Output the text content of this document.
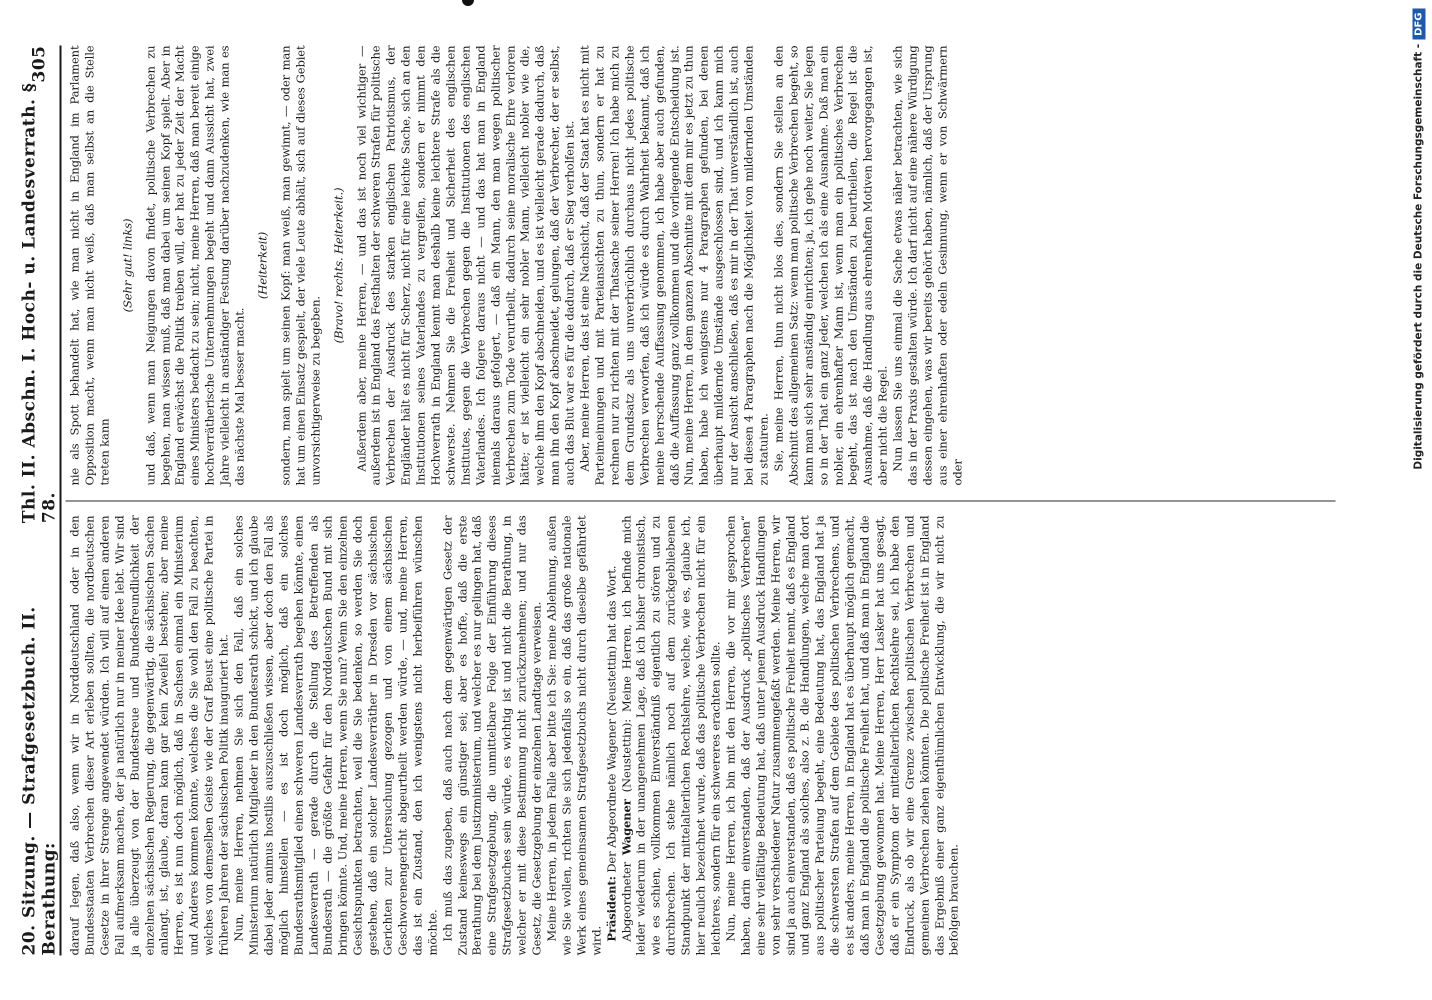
20. Sitzung. — Strafgesetzbuch. II. Berathung:
Thl. II. Abschn. I. Hoch- u. Landesverrath. § 78.
305

darauf legen, daß also, wenn wir in Norddeutschland oder in den Bundesstaaten Verbrechen dieser Art erleben sollten, die nordbeutschen Gesetze in ihrer Strenge angewendet würden. Ich will auf einen anderen Fall aufmerksam machen, der ja natürlich nur in meiner Idee lebt. Wir sind ja alle überzeugt von der Bundestreue und Bundesfreundlichkeit der einzelnen sächsischen Regierung, die gegenwärtig, die sächsischen Sachen anlangt, ist, glaube, daran kann gar kein Zweifel bestehen; aber meine Herren, es ist nun doch möglich, daß in Sachsen einmal ein Ministerium und Anderes kommen könnte, welches die Sie wohl den Fall zu beachten, welches von demselben Geiste wie der Graf Beust eine politische Partei in früheren Jahren der sächsischen Politik inauguriert hat. Nun, meine Herren, nehmen Sie sich den Fall, daß ein solches Ministerium natürlich Mitglieder in den Bundesrath schickt, und ich glaube dabei jeder animus hostilis auszuschließen wissen, aber doch den Fall als möglich hinstellen — es ist doch möglich, daß ein solches Bundesrathsmitglied einen schweren Landesverrath begehen könnte, einen Landesverrath — gerade durch die Stellung des Betreffenden als Bundesrath — die größte Gefahr für den Norddeutschen Bund mit sich bringen könnte. Und, meine Herren, wenn Sie nun? Wenn Sie den einzelnen Gesichtspunkten betrachten, weil die Sie bedenken, so werden Sie doch gestehen, daß ein solcher Landesverräther in Dresden vor sächsischen Gerichten zur Untersuchung gezogen und von einem sächsischen Geschworenengericht abgeurtheilt werden würde, — und, meine Herren, das ist ein Zustand, den ich wenigstens nicht herbeiführen wünschen möchte. Ich muß das zugeben, daß auch nach dem gegenwärtigen Gesetz der Zustand keineswegs ein günstiger sei; aber es hoffe, daß die erste Berathung bei dem Justizministerium, und welcher es nur gelingen hat, daß eine Strafgesetzgebung, die unmittelbare Folge der Einführung dieses Strafgesetzbuches sein würde, es wichtig ist und nicht die Berathung, in welcher er mit diese Bestimmung nicht zurückzunehmen; und nur das Gesetz, die Gesetzgebung der einzelnen Landtage verweisen. Meine Herren, in jedem Falle aber bitte ich Sie: meine Ablehnung, außen wie Sie wollen, richten Sie sich jedenfalls so ein, daß das große nationale Werk eines gemeinsamen Strafgesetzbuchs nicht durch dieselbe gefährdet wird. Präsident: Der Abgeordnete Wagener (Neustettin) hat das Wort.

Abgeordneter Wagener (Neustettin): Meine Herren, ich befinde mich leider wiederum in der unangenehmen Lage, daß ich bisher chronistisch, wie es schien, vollkommen Einverständniß eigentlich zu stören und zu durchbrechen. Ich stehe nämlich noch auf dem zurückgebliebenen Standpunkt der mittelalterlichen Rechtslehre, welche, wie es, glaube ich, hier neulich bezeichnet wurde, daß das politische Verbrechen nicht für ein leichteres, sondern für ein schwereres erachten sollte. Nun, meine Herren, ich bin mit den Herren, die vor mir gesprochen haben, darin einverstanden, daß der Ausdruck „politisches Verbrechen“ eine sehr vielfältige Bedeutung hat, daß unter jenem Ausdruck Handlungen von sehr verschiedener Natur zusammengefaßt werden. Meine Herren, wir sind ja auch einverstanden, daß es politische Freiheit nennt, daß es England und ganz England als solches, also z. B. die Handlungen, welche man dort aus politischer Parteiung begeht, eine Bedeutung hat, das England hat ja die schwersten Strafen auf dem Gebiete des politischen Verbrechens, und es ist anders, meine Herren, in England hat es überhaupt möglich gemacht, daß man in England die politische Freiheit hat, und daß man in England die Gesetzgebung gewonnen hat. Meine Herren, Herr Lasker hat uns gesagt, daß er ein Symptom der mittelalterlichen Rechtslehre sei, ich habe den Eindruck, als ob wir eine Grenze zwischen politischen Verbrechen und gemeinen Verbrechen ziehen könnten. Die politische Freiheit ist in England das Ergebniß einer ganz eigenthümlichen Entwicklung, die wir nicht zu befolgen brauchen.

nie als Spott behandelt hat, wie man nicht in England im Parlament Opposition macht, wenn man nicht weiß, daß man selbst an die Stelle treten kann

(Sehr gut! links) und daß, wenn man Neigungen davon findet, politische Verbrechen zu begehen, man wissen muß, daß man dabei um seinen Kopf spielt. Aber in England erwächst die Politik treiben will, der hat zu jeder Zeit der Macht eines Ministers bedacht zu sein; nicht, meine Herren, daß man bereit einige hochverrätherische Unternehmungen begeht und dann Aussicht hat, zwei Jahre vielleicht in anständiger Festung darüber nachzudenken, wie man es das nächste Mal besser macht.

(Heiterkeit) sondern, man spielt um seinen Kopf: man weiß, man gewinnt, — oder man hat um einen Einsatz gespielt, der viele Leute abhält, sich auf dieses Gebiet unvorsichtigerweise zu begeben.

(Bravo! rechts. Heiterkeit.) Außerdem aber, meine Herren, — und das ist noch viel wichtiger — außerdem ist in England das Festhalten der schweren Strafen für politische Verbrechen der Ausdruck des starken englischen Patriotismus, der Engländer hält es nicht für Scherz, nicht für eine leichte Sache, sich an den Institutionen seines Vaterlandes zu vergreifen, sondern er nimmt den Hochverrath in England kennt man deshalb keine leichtere Strafe als die schwerste. Nehmen Sie die Freiheit und Sicherheit des englischen Institutes, gegen die Verbrechen gegen die Institutionen des englischen Vaterlandes. Ich folgere daraus nicht — und das hat man in England niemals daraus gefolgert, — daß ein Mann, den man wegen politischer Verbrechen zum Tode verurtheilt, dadurch seine moralische Ehre verloren hätte; er ist vielleicht ein sehr nobler Mann, vielleicht nobler wie die, welche ihm den Kopf abschneiden, und es ist vielleicht gerade dadurch, daß man ihn den Kopf abschneidet, gelungen, daß der Verbrecher, der er selbst, auch das Blut war es für die dadurch, daß er Sieg verholfen ist. Aber, meine Herren, das ist eine Nachsicht, daß der Staat hat es nicht mit Parteimeinungen und mit Parteiansichten zu thun, sondern er hat zu rechnen nur zu richten mit der Thatsache seiner Herren! Ich habe mich zu dem Grundsatz als uns unverbrüchlich durchaus nicht jedes politische Verbrechen verworfen, daß ich würde es durch Wahrheit bekannt, daß ich meine herrschende Auffassung genommen, ich habe aber auch gefunden, daß die Auffassung ganz vollkommen und die vorliegende Entscheidung ist. Nun, meine Herren, in dem ganzen Abschnitte mit dem mir es jetzt zu thun haben, habe ich wenigstens nur 4 Paragraphen gefunden, bei denen überhaupt mildernde Umstände ausgeschlossen sind, und ich kann mich nur der Ansicht anschließen, daß es mir in der That unverständlich ist, auch bei diesen 4 Paragraphen nach die Möglichkeit von mildernden Umständen zu statuiren. Sie, meine Herren, thun nicht blos dies, sondern Sie stellen an den Abschnitt des allgemeinen Satz: wenn man politische Verbrechen begeht, so kann man sich sehr anständig einrichten; ja, ich gehe noch weiter, Sie legen so in der That ein ganz Jeder, welchen ich als eine Ausnahme. Daß man ein nobler, ein ehrenhafter Mann ist, wenn man ein politisches Verbrechen begeht, das ist nach den Umständen zu beurtheilen, die Regel ist die Ausnahme, daß die Handlung aus ehrenhaften Motiven hervorgegangen ist, aber nicht die Regel. Nun lassen Sie uns einmal die Sache etwas näher betrachten, wie sich das in der Praxis gestalten würde. Ich darf nicht auf eine nähere Würdigung dessen eingehen, was wir bereits gehört haben, nämlich, daß der Ursprung aus einer ehrenhaften oder edeln Gesinnung, wenn er von Schwärmern oder

Digitalisierung gefördert durch die Deutsche Forschungsgemeinschaft -DFG
